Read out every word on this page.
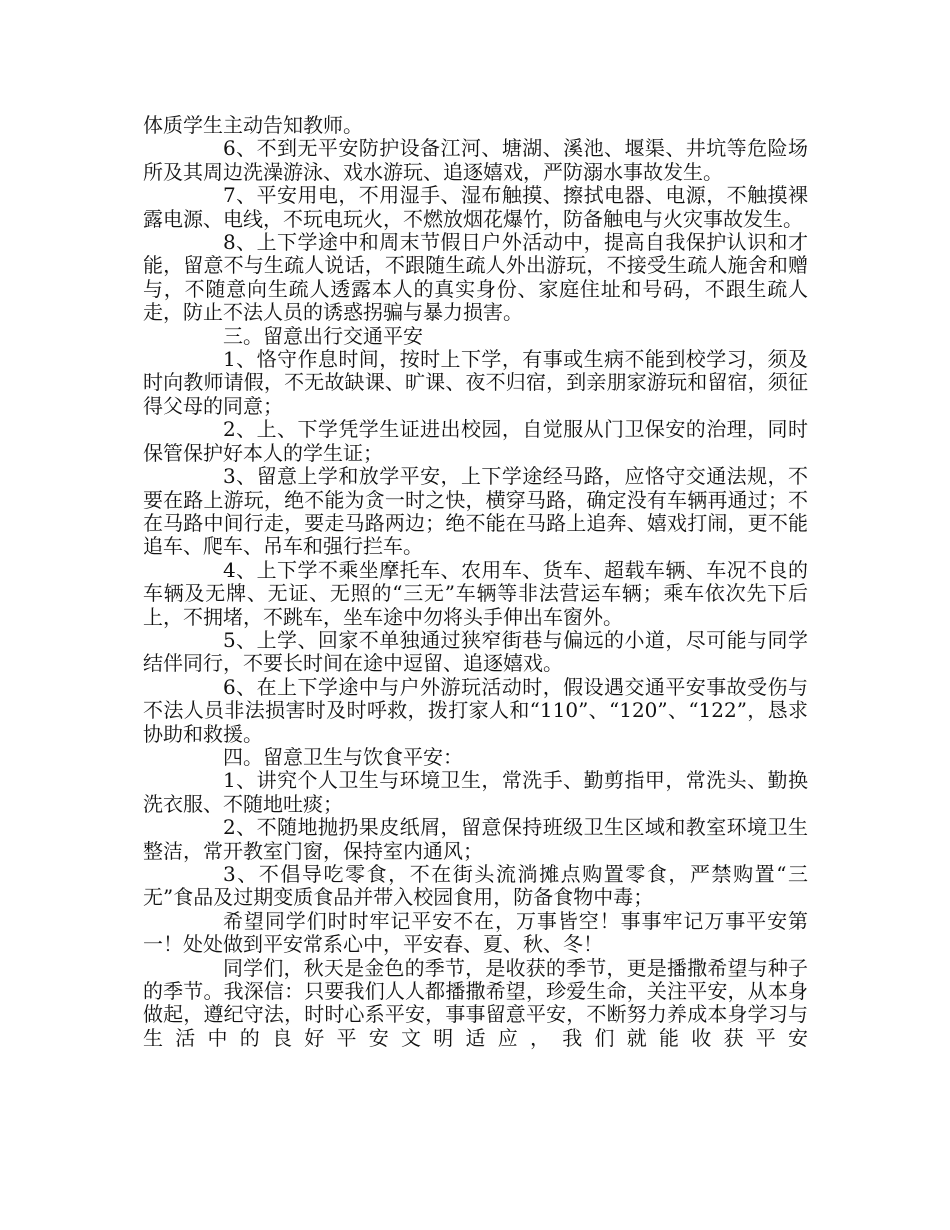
体质学生主动告知教师。

6、不到无平安防护设备江河、塘湖、溪池、堰渠、井坑等危险场所及其周边洗澡游泳、戏水游玩、追逐嬉戏，严防溺水事故发生。

7、平安用电，不用湿手、湿布触摸、擦拭电器、电源，不触摸裸露电源、电线，不玩电玩火，不燃放烟花爆竹，防备触电与火灾事故发生。

8、上下学途中和周末节假日户外活动中，提高自我保护认识和才能，留意不与生疏人说话，不跟随生疏人外出游玩，不接受生疏人施舍和赠与，不随意向生疏人透露本人的真实身份、家庭住址和号码，不跟生疏人走，防止不法人员的诱惑拐骗与暴力损害。

三。留意出行交通平安

1、恪守作息时间，按时上下学，有事或生病不能到校学习，须及时向教师请假，不无故缺课、旷课、夜不归宿，到亲朋家游玩和留宿，须征得父母的同意；

2、上、下学凭学生证进出校园，自觉服从门卫保安的治理，同时保管保护好本人的学生证；

3、留意上学和放学平安，上下学途经马路，应恪守交通法规，不要在路上游玩，绝不能为贪一时之快，横穿马路，确定没有车辆再通过；不在马路中间行走，要走马路两边；绝不能在马路上追奔、嬉戏打闹，更不能追车、爬车、吊车和强行拦车。

4、上下学不乘坐摩托车、农用车、货车、超载车辆、车况不良的车辆及无牌、无证、无照的“三无”车辆等非法营运车辆；乘车依次先下后上，不拥堵，不跳车，坐车途中勿将头手伸出车窗外。

5、上学、回家不单独通过狭窄街巷与偏远的小道，尽可能与同学结伴同行，不要长时间在途中逗留、追逐嬉戏。

6、在上下学途中与户外游玩活动时，假设遇交通平安事故受伤与不法人员非法损害时及时呼救，拨打家人和“110”、“120”、“122”，恳求协助和救援。

四。留意卫生与饮食平安：

1、讲究个人卫生与环境卫生，常洗手、勤剪指甲，常洗头、勤换洗衣服、不随地吐痰；

2、不随地抛扔果皮纸屑，留意保持班级卫生区域和教室环境卫生整洁，常开教室门窗，保持室内通风；

3、不倡导吃零食，不在街头流淌摊点购置零食，严禁购置“三无”食品及过期变质食品并带入校园食用，防备食物中毒；

希望同学们时时牢记平安不在，万事皆空！事事牢记万事平安第一！处处做到平安常系心中，平安春、夏、秋、冬！

同学们，秋天是金色的季节，是收获的季节，更是播撒希望与种子的季节。我深信：只要我们人人都播撒希望，珍爱生命，关注平安，从本身做起，遵纪守法，时时心系平安，事事留意平安，不断努力养成本身学习与生活中的良好平安文明适应，我们就能收获平安
